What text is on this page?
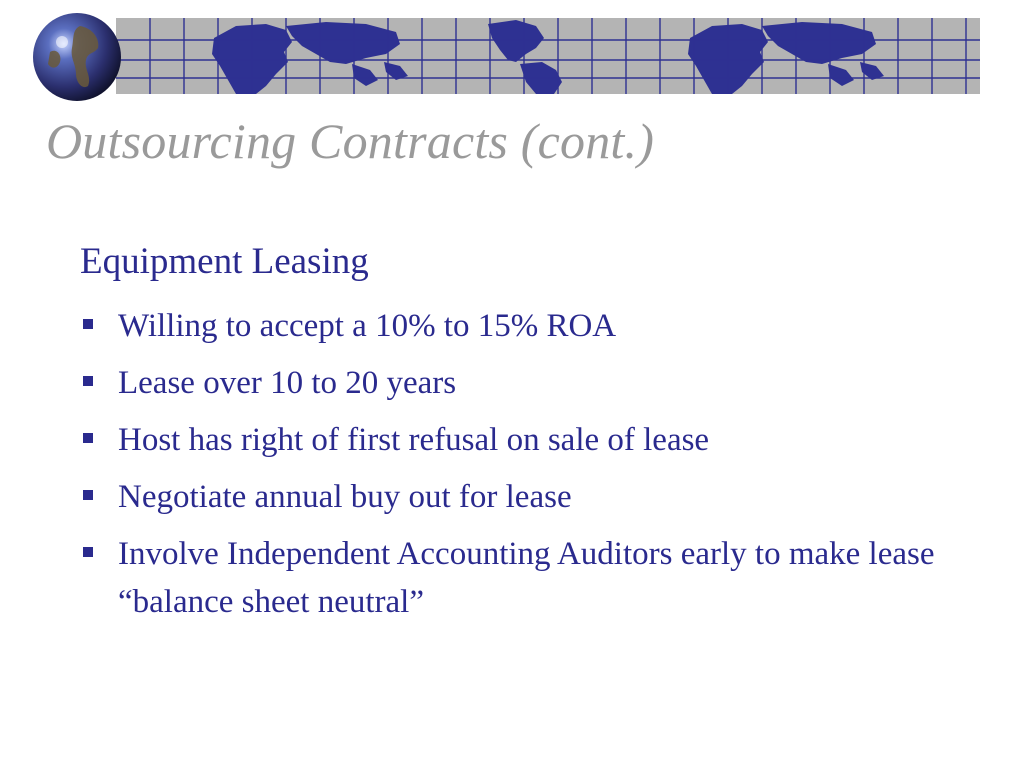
Outsourcing Contracts (cont.)
Equipment Leasing
Willing to accept a 10% to 15% ROA
Lease over 10 to 20 years
Host has right of first refusal on sale of lease
Negotiate annual buy out for lease
Involve Independent Accounting Auditors early to make lease “balance sheet neutral”
